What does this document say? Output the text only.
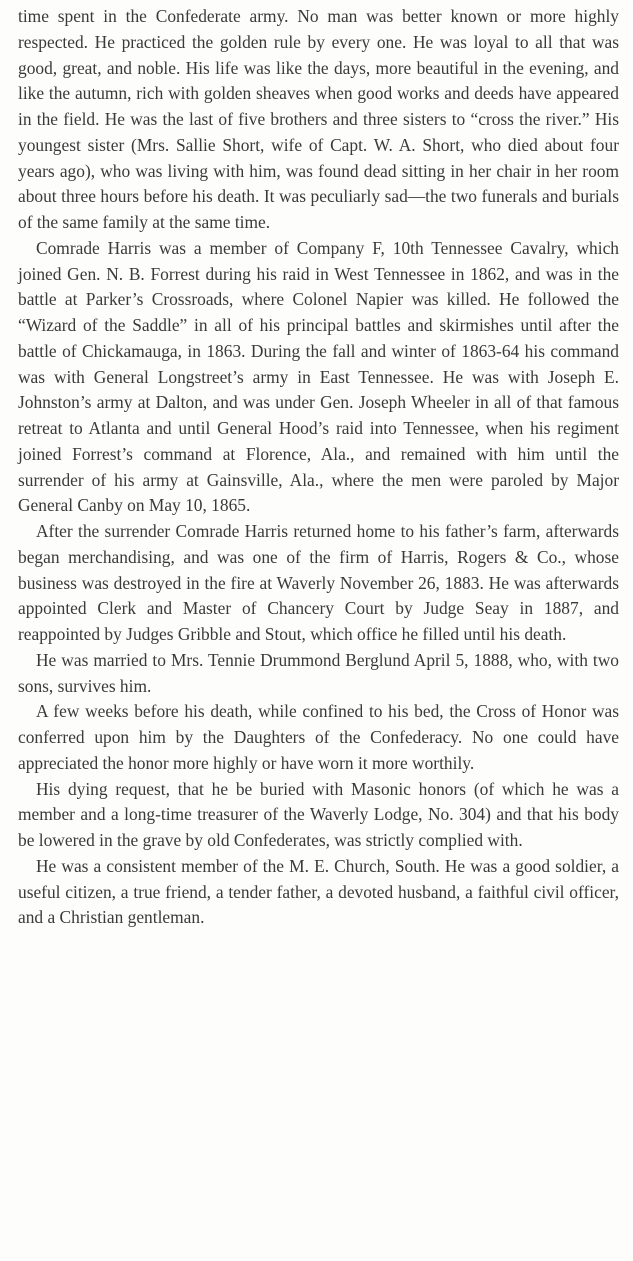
time spent in the Confederate army. No man was better known or more highly respected. He practiced the golden rule by every one. He was loyal to all that was good, great, and noble. His life was like the days, more beautiful in the evening, and like the autumn, rich with golden sheaves when good works and deeds have appeared in the field. He was the last of five brothers and three sisters to “cross the river.” His youngest sister (Mrs. Sallie Short, wife of Capt. W. A. Short, who died about four years ago), who was living with him, was found dead sitting in her chair in her room about three hours before his death. It was peculiarly sad—the two funerals and burials of the same family at the same time.

Comrade Harris was a member of Company F, 10th Tennessee Cavalry, which joined Gen. N. B. Forrest during his raid in West Tennessee in 1862, and was in the battle at Parker’s Crossroads, where Colonel Napier was killed. He followed the “Wizard of the Saddle” in all of his principal battles and skirmishes until after the battle of Chickamauga, in 1863. During the fall and winter of 1863-64 his command was with General Longstreet’s army in East Tennessee. He was with Joseph E. Johnston’s army at Dalton, and was under Gen. Joseph Wheeler in all of that famous retreat to Atlanta and until General Hood’s raid into Tennessee, when his regiment joined Forrest’s command at Florence, Ala., and remained with him until the surrender of his army at Gainsville, Ala., where the men were paroled by Major General Canby on May 10, 1865.

After the surrender Comrade Harris returned home to his father’s farm, afterwards began merchandising, and was one of the firm of Harris, Rogers & Co., whose business was destroyed in the fire at Waverly November 26, 1883. He was afterwards appointed Clerk and Master of Chancery Court by Judge Seay in 1887, and reappointed by Judges Gribble and Stout, which office he filled until his death.

He was married to Mrs. Tennie Drummond Berglund April 5, 1888, who, with two sons, survives him.

A few weeks before his death, while confined to his bed, the Cross of Honor was conferred upon him by the Daughters of the Confederacy. No one could have appreciated the honor more highly or have worn it more worthily.

His dying request, that he be buried with Masonic honors (of which he was a member and a long-time treasurer of the Waverly Lodge, No. 304) and that his body be lowered in the grave by old Confederates, was strictly complied with.

He was a consistent member of the M. E. Church, South. He was a good soldier, a useful citizen, a true friend, a tender father, a devoted husband, a faithful civil officer, and a Christian gentleman.
